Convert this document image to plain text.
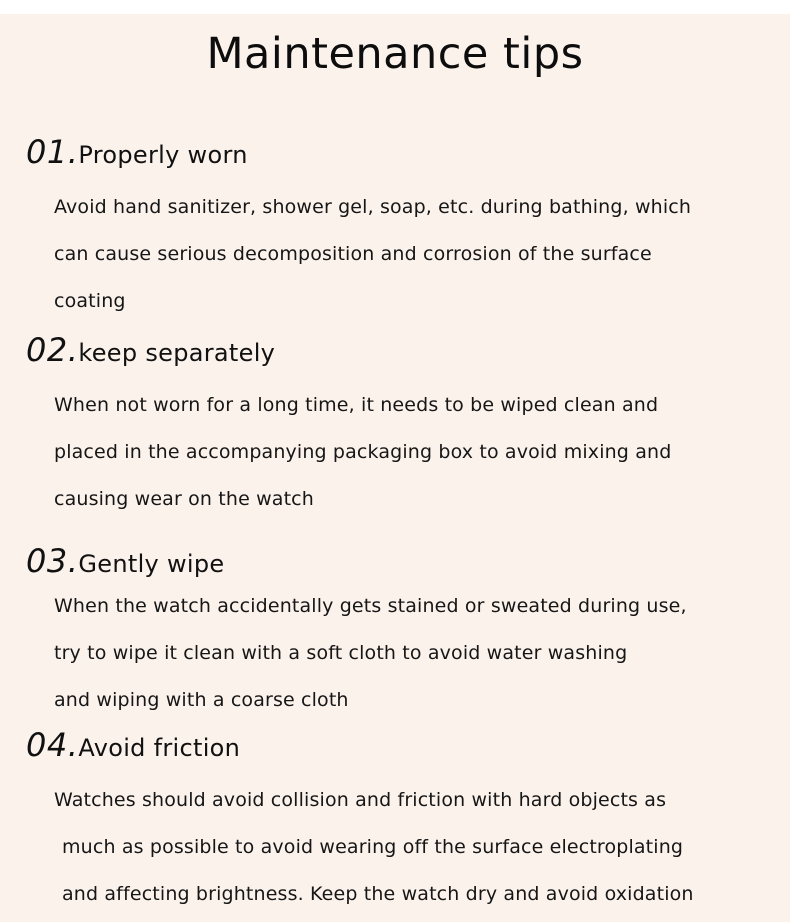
Maintenance tips
01.Properly worn

Avoid hand sanitizer, shower gel, soap, etc. during bathing, which
can cause serious decomposition and corrosion of the surface
coating

02.keep separately

When not worn for a long time, it needs to be wiped clean and
placed in the accompanying packaging box to avoid mixing and
causing wear on the watch

03.Gently wipe

When the watch accidentally gets stained or sweated during use,
try to wipe it clean with a soft cloth to avoid water washing
and wiping with a coarse cloth

04.Avoid friction

Watches should avoid collision and friction with hard objects as
much as possible to avoid wearing off the surface electroplating
and affecting brightness. Keep the watch dry and avoid oxidation
